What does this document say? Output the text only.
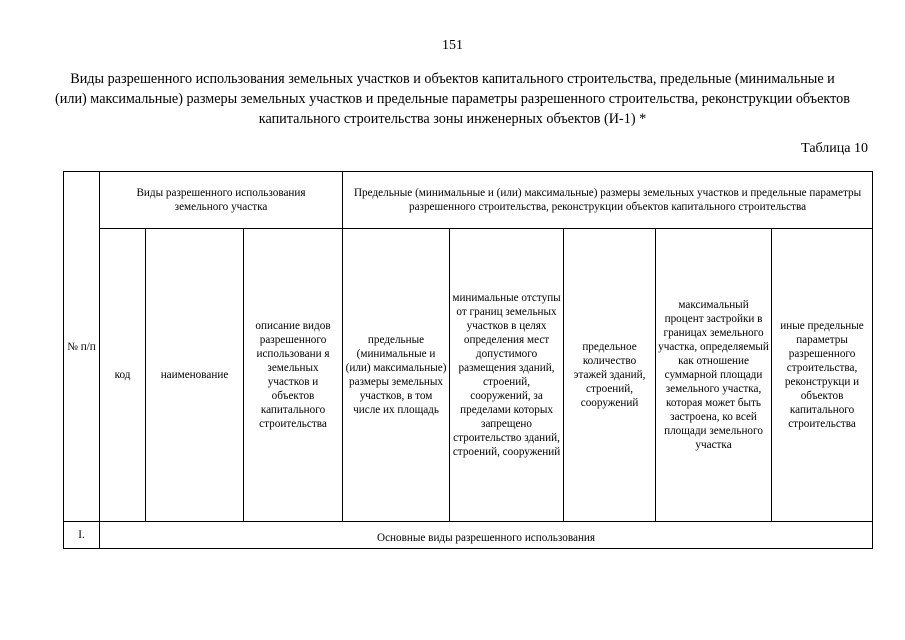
151
Виды разрешенного использования земельных участков и объектов капитального строительства, предельные (минимальные и (или) максимальные) размеры земельных участков и предельные параметры разрешенного строительства, реконструкции объектов капитального строительства зоны инженерных объектов (И-1) *
Таблица 10
№ п/п	Виды разрешенного использования земельного участка			Предельные (минимальные и (или) максимальные) размеры земельных участков и предельные параметры разрешенного строительства, реконструкции объектов капитального строительства				
	код	наименование	описание видов разрешенного использовани я земельных участков и объектов капитального строительства	предельные (минимальные и (или) максимальные) размеры земельных участков, в том числе их площадь	минимальные отступы от границ земельных участков в целях определения мест допустимого размещения зданий, строений, сооружений, за пределами которых запрещено строительство зданий, строений, сооружений	предельное количество этажей зданий, строений, сооружений	максимальный процент застройки в границах земельного участка, определяемый как отношение суммарной площади земельного участка, которая может быть застроена, ко всей площади земельного участка	иные предельные параметры разрешенного строительства, реконструкци и объектов капитального строительства
I.	Основные виды разрешенного использования							
